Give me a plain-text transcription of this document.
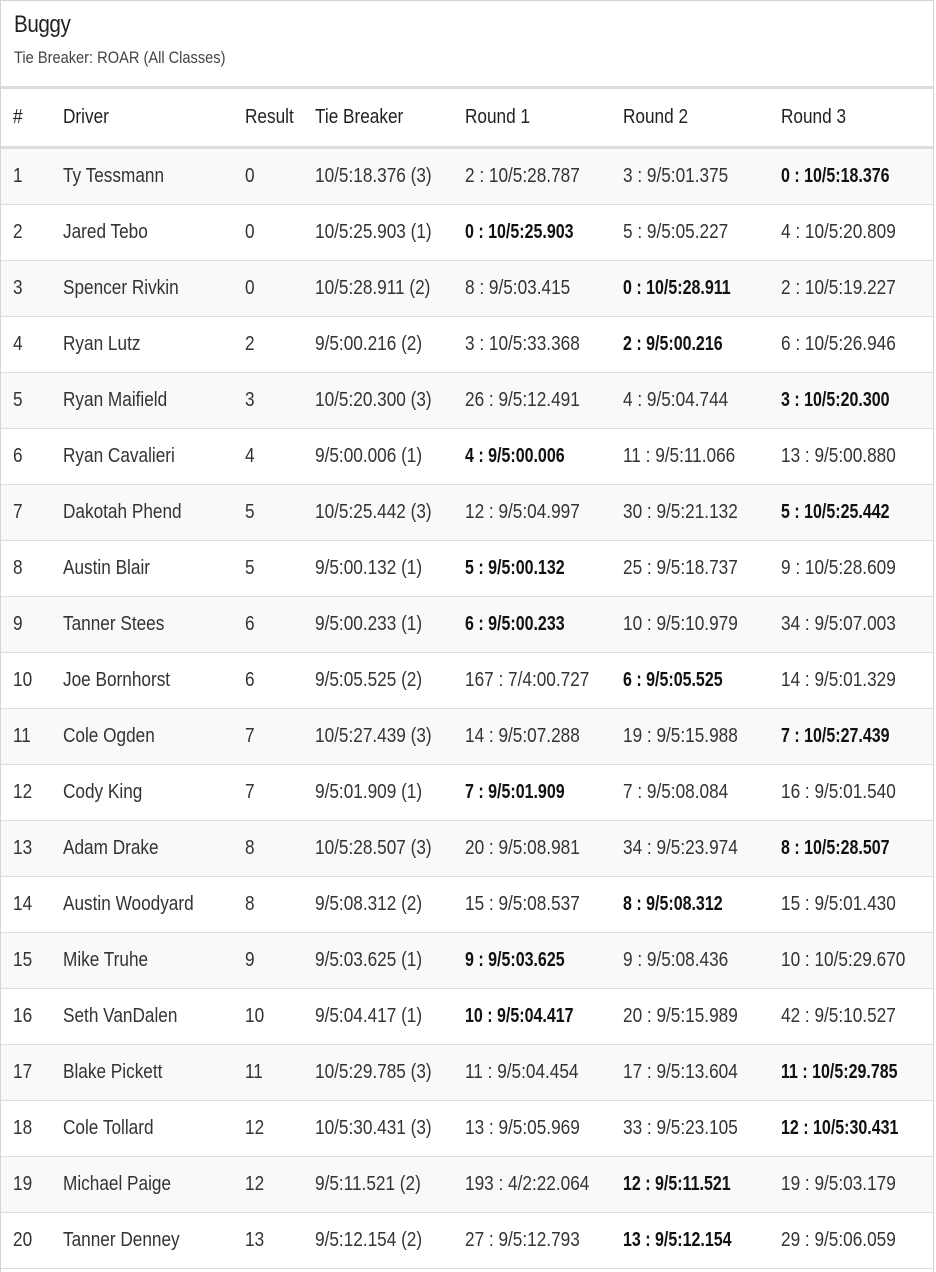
Buggy
Tie Breaker: ROAR (All Classes)
#	Driver	Result	Tie Breaker	Round 1	Round 2	Round 3
1	Ty Tessmann	0	10/5:18.376 (3)	2 : 10/5:28.787	3 : 9/5:01.375	0 : 10/5:18.376
2	Jared Tebo	0	10/5:25.903 (1)	0 : 10/5:25.903	5 : 9/5:05.227	4 : 10/5:20.809
3	Spencer Rivkin	0	10/5:28.911 (2)	8 : 9/5:03.415	0 : 10/5:28.911	2 : 10/5:19.227
4	Ryan Lutz	2	9/5:00.216 (2)	3 : 10/5:33.368	2 : 9/5:00.216	6 : 10/5:26.946
5	Ryan Maifield	3	10/5:20.300 (3)	26 : 9/5:12.491	4 : 9/5:04.744	3 : 10/5:20.300
6	Ryan Cavalieri	4	9/5:00.006 (1)	4 : 9/5:00.006	11 : 9/5:11.066	13 : 9/5:00.880
7	Dakotah Phend	5	10/5:25.442 (3)	12 : 9/5:04.997	30 : 9/5:21.132	5 : 10/5:25.442
8	Austin Blair	5	9/5:00.132 (1)	5 : 9/5:00.132	25 : 9/5:18.737	9 : 10/5:28.609
9	Tanner Stees	6	9/5:00.233 (1)	6 : 9/5:00.233	10 : 9/5:10.979	34 : 9/5:07.003
10	Joe Bornhorst	6	9/5:05.525 (2)	167 : 7/4:00.727	6 : 9/5:05.525	14 : 9/5:01.329
11	Cole Ogden	7	10/5:27.439 (3)	14 : 9/5:07.288	19 : 9/5:15.988	7 : 10/5:27.439
12	Cody King	7	9/5:01.909 (1)	7 : 9/5:01.909	7 : 9/5:08.084	16 : 9/5:01.540
13	Adam Drake	8	10/5:28.507 (3)	20 : 9/5:08.981	34 : 9/5:23.974	8 : 10/5:28.507
14	Austin Woodyard	8	9/5:08.312 (2)	15 : 9/5:08.537	8 : 9/5:08.312	15 : 9/5:01.430
15	Mike Truhe	9	9/5:03.625 (1)	9 : 9/5:03.625	9 : 9/5:08.436	10 : 10/5:29.670
16	Seth VanDalen	10	9/5:04.417 (1)	10 : 9/5:04.417	20 : 9/5:15.989	42 : 9/5:10.527
17	Blake Pickett	11	10/5:29.785 (3)	11 : 9/5:04.454	17 : 9/5:13.604	11 : 10/5:29.785
18	Cole Tollard	12	10/5:30.431 (3)	13 : 9/5:05.969	33 : 9/5:23.105	12 : 10/5:30.431
19	Michael Paige	12	9/5:11.521 (2)	193 : 4/2:22.064	12 : 9/5:11.521	19 : 9/5:03.179
20	Tanner Denney	13	9/5:12.154 (2)	27 : 9/5:12.793	13 : 9/5:12.154	29 : 9/5:06.059
